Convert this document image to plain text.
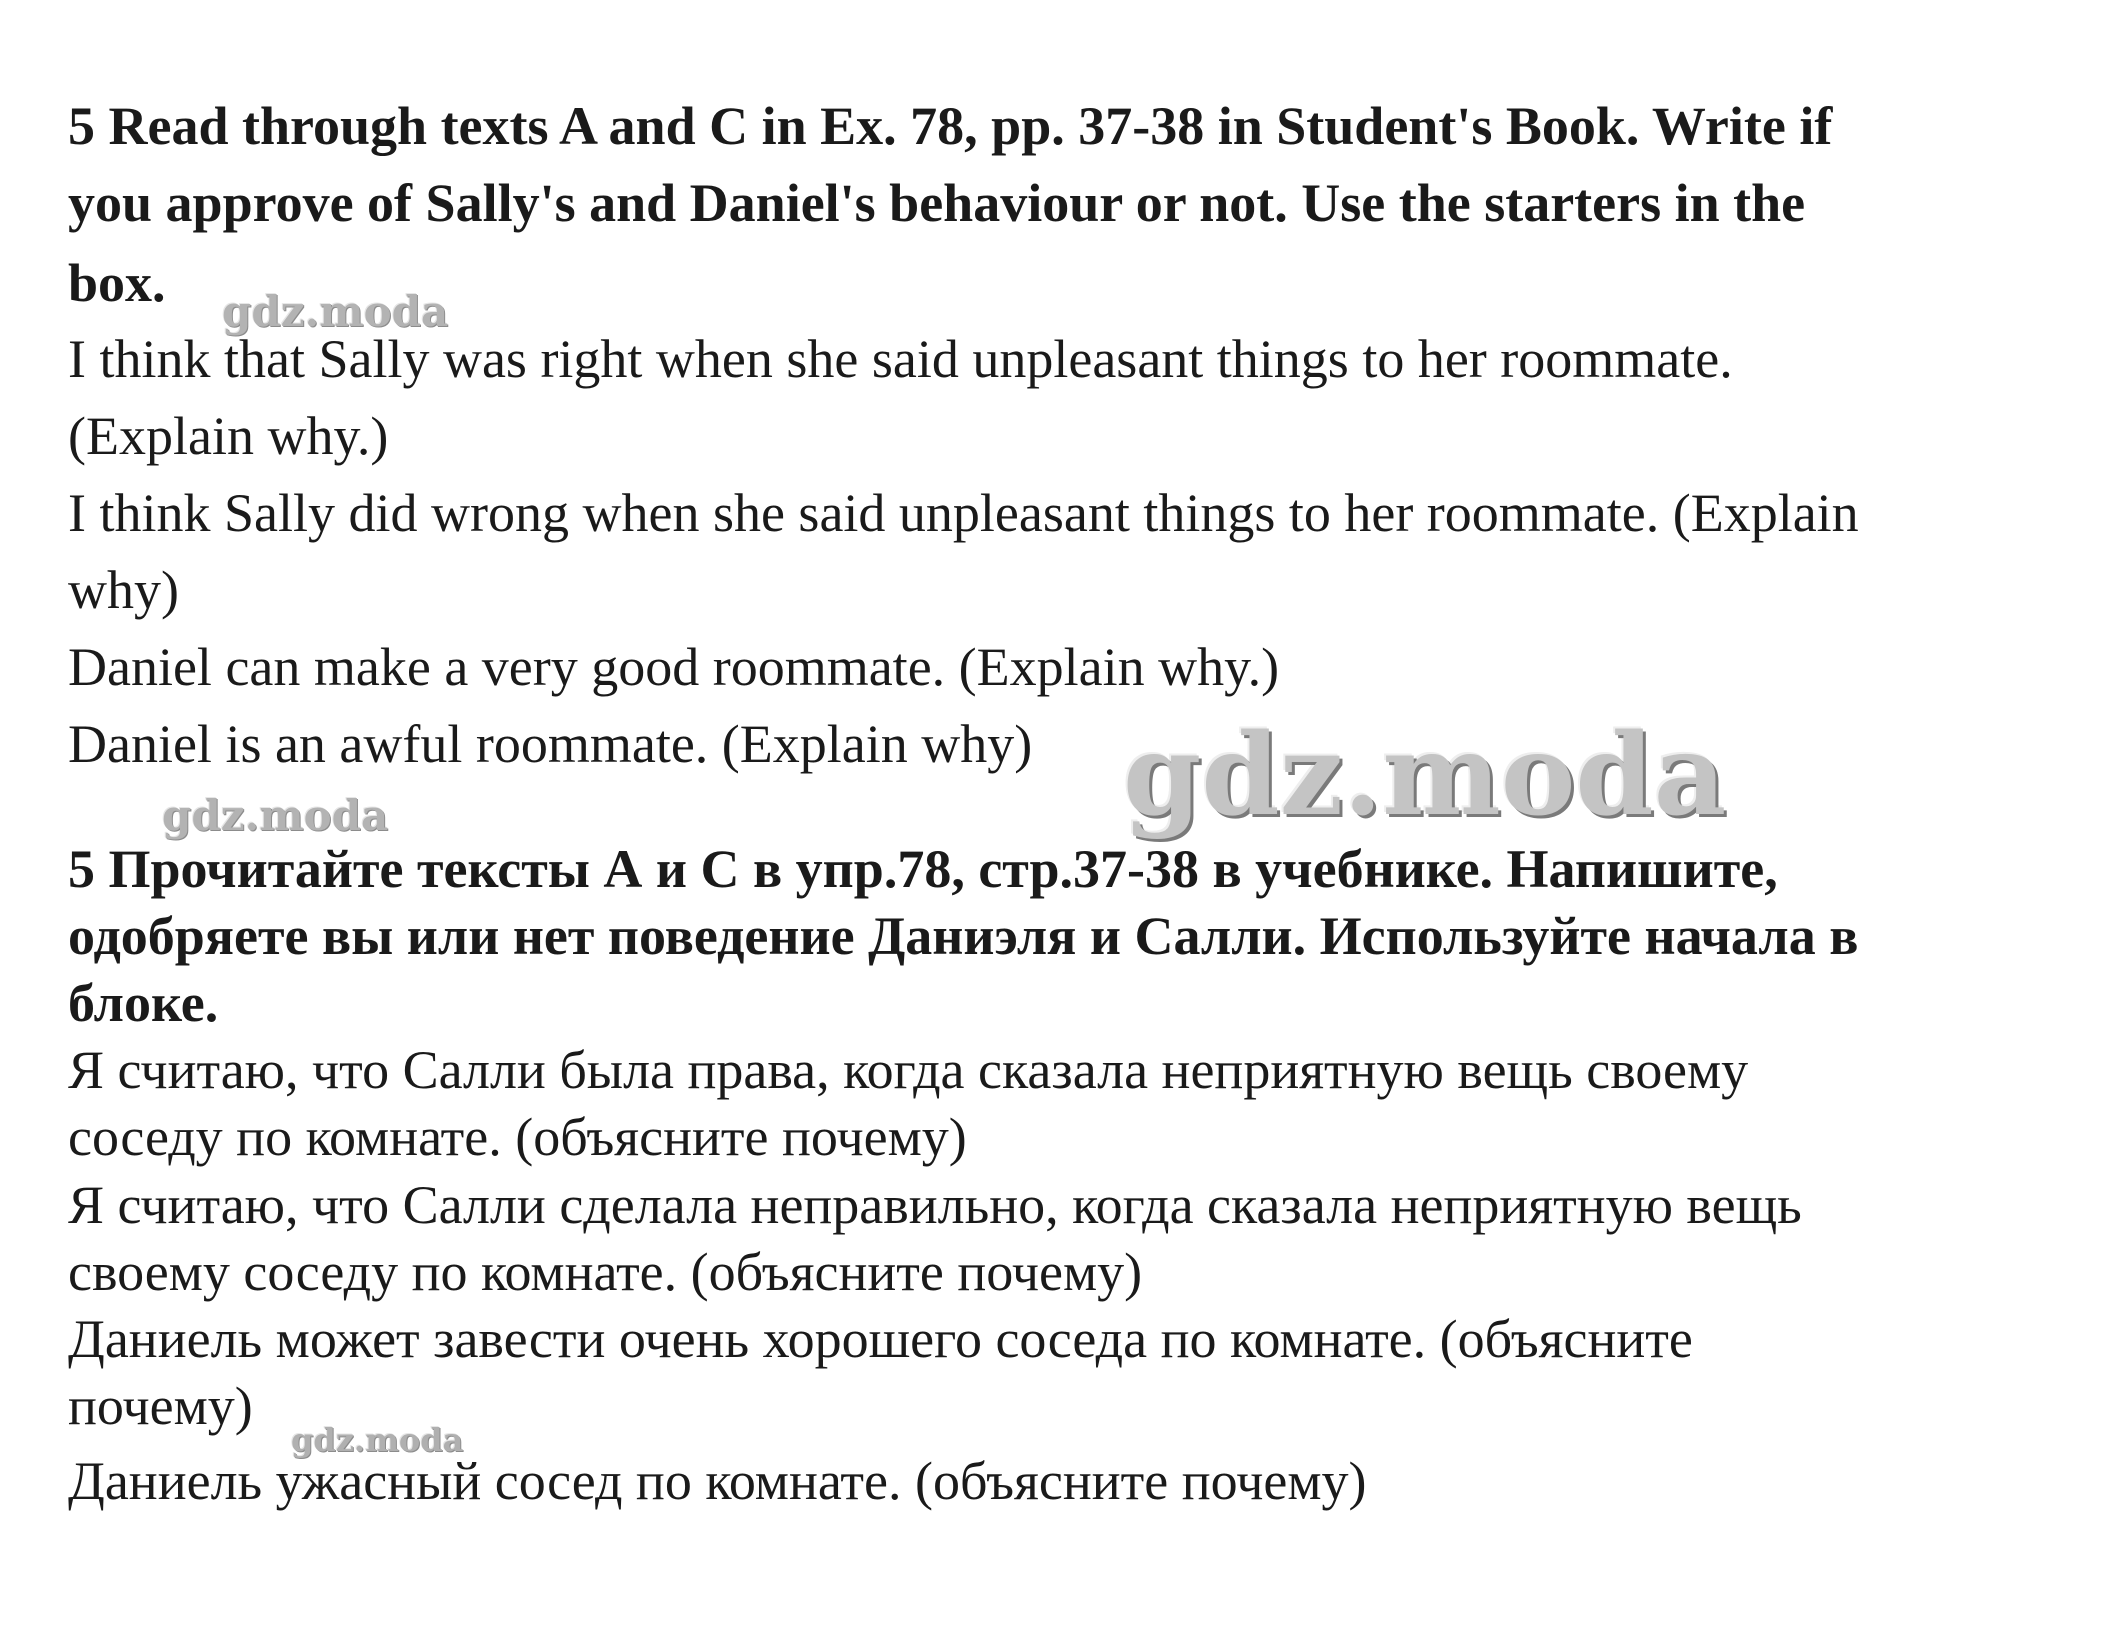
5 Read through texts A and C in Ex. 78, pp. 37-38 in Student's Book. Write if
you approve of Sally's and Daniel's behaviour or not. Use the starters in the
box.
I think that Sally was right when she said unpleasant things to her roommate.
(Explain why.)
I think Sally did wrong when she said unpleasant things to her roommate. (Explain
why)
Daniel can make a very good roommate. (Explain why.)
Daniel is an awful roommate. (Explain why)
5 Прочитайте тексты А и С в упр.78, стр.37-38 в учебнике. Напишите,
одобряете вы или нет поведение Даниэля и Салли. Используйте начала в
блоке.
Я считаю, что Салли была права, когда сказала неприятную вещь своему
соседу по комнате. (объясните почему)
Я считаю, что Салли сделала неправильно, когда сказала неприятную вещь
своему соседу по комнате. (объясните почему)
Даниель может завести очень хорошего соседа по комнате. (объясните
почему)
Даниель ужасный сосед по комнате. (объясните почему)
gdz.moda
gdz.moda
gdz.moda
gdz.moda
